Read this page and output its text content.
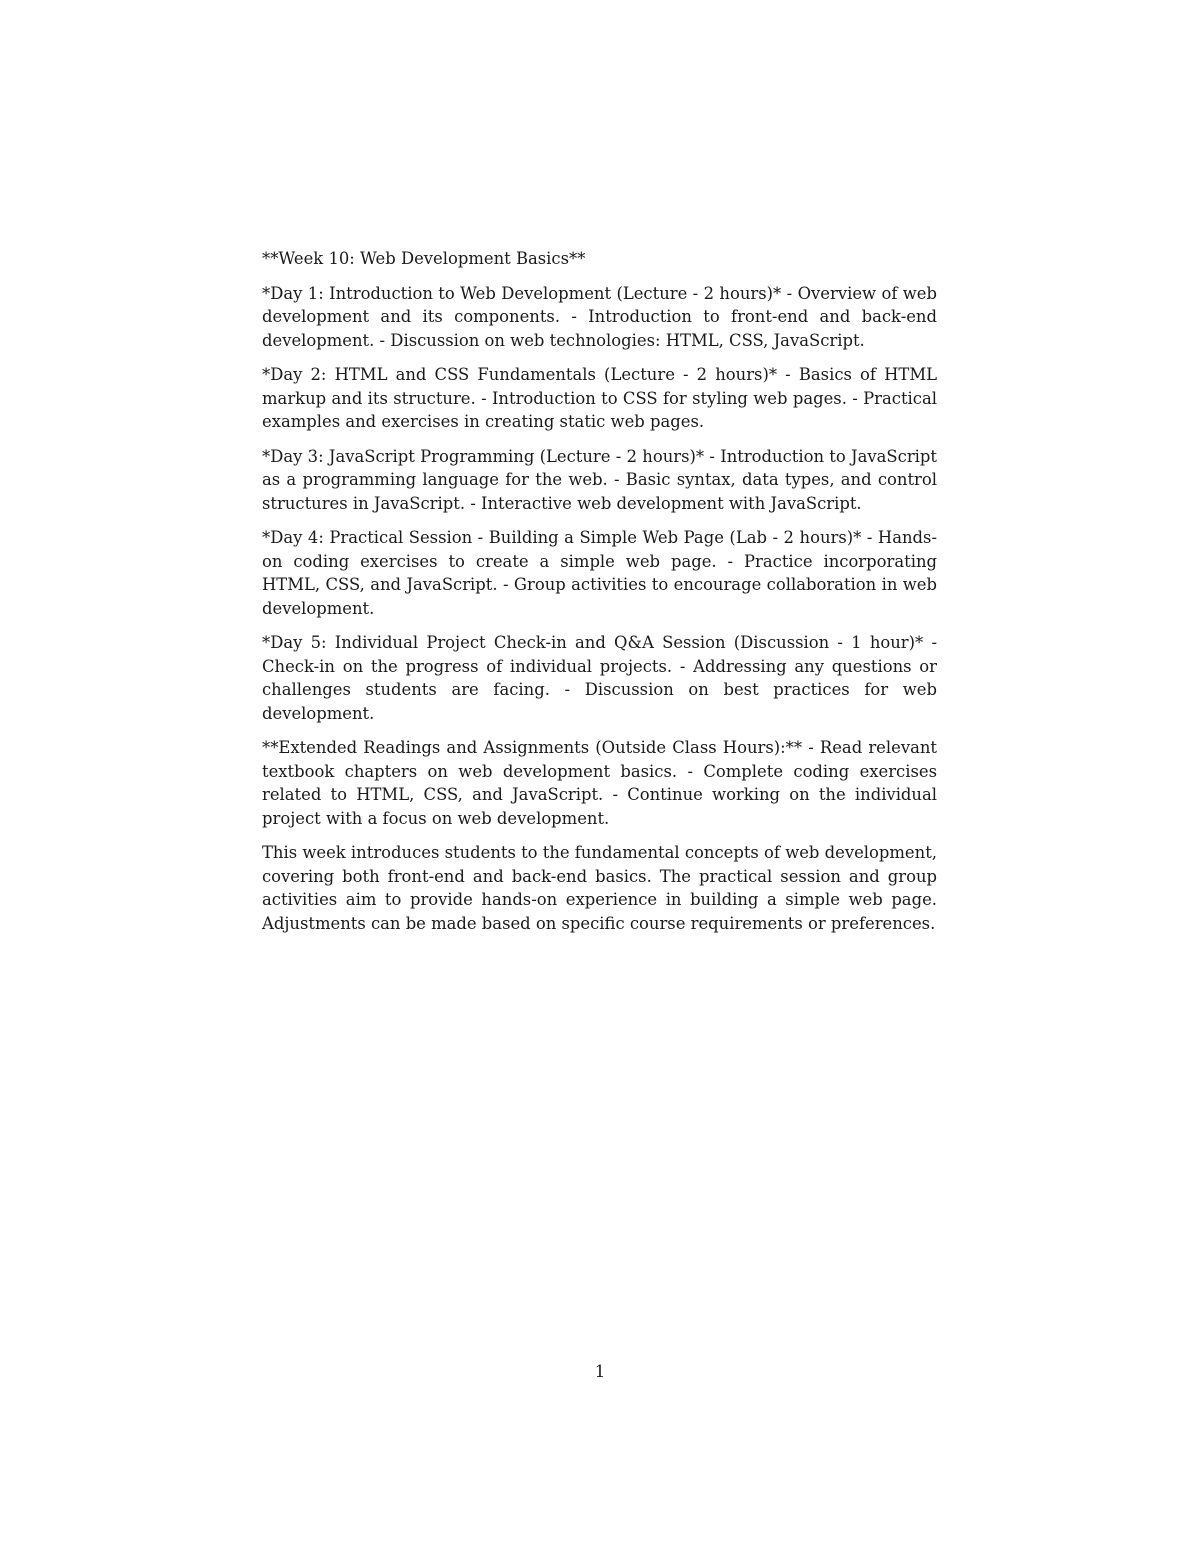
**Week 10: Web Development Basics**

*Day 1: Introduction to Web Development (Lecture - 2 hours)* - Overview of web development and its components. - Introduction to front-end and back-end development. - Discussion on web technologies: HTML, CSS, JavaScript.

*Day 2: HTML and CSS Fundamentals (Lecture - 2 hours)* - Basics of HTML markup and its structure. - Introduction to CSS for styling web pages. - Practical examples and exercises in creating static web pages.

*Day 3: JavaScript Programming (Lecture - 2 hours)* - Introduction to JavaScript as a programming language for the web. - Basic syntax, data types, and control structures in JavaScript. - Interactive web development with JavaScript.

*Day 4: Practical Session - Building a Simple Web Page (Lab - 2 hours)* - Hands-on coding exercises to create a simple web page. - Practice incorporating HTML, CSS, and JavaScript. - Group activities to encourage collaboration in web development.

*Day 5: Individual Project Check-in and Q&A Session (Discussion - 1 hour)* - Check-in on the progress of individual projects. - Addressing any questions or challenges students are facing. - Discussion on best practices for web development.

**Extended Readings and Assignments (Outside Class Hours):** - Read relevant textbook chapters on web development basics. - Complete coding exercises related to HTML, CSS, and JavaScript. - Continue working on the individual project with a focus on web development.

This week introduces students to the fundamental concepts of web development, covering both front-end and back-end basics. The practical session and group activities aim to provide hands-on experience in building a simple web page. Adjustments can be made based on specific course requirements or preferences.

1
